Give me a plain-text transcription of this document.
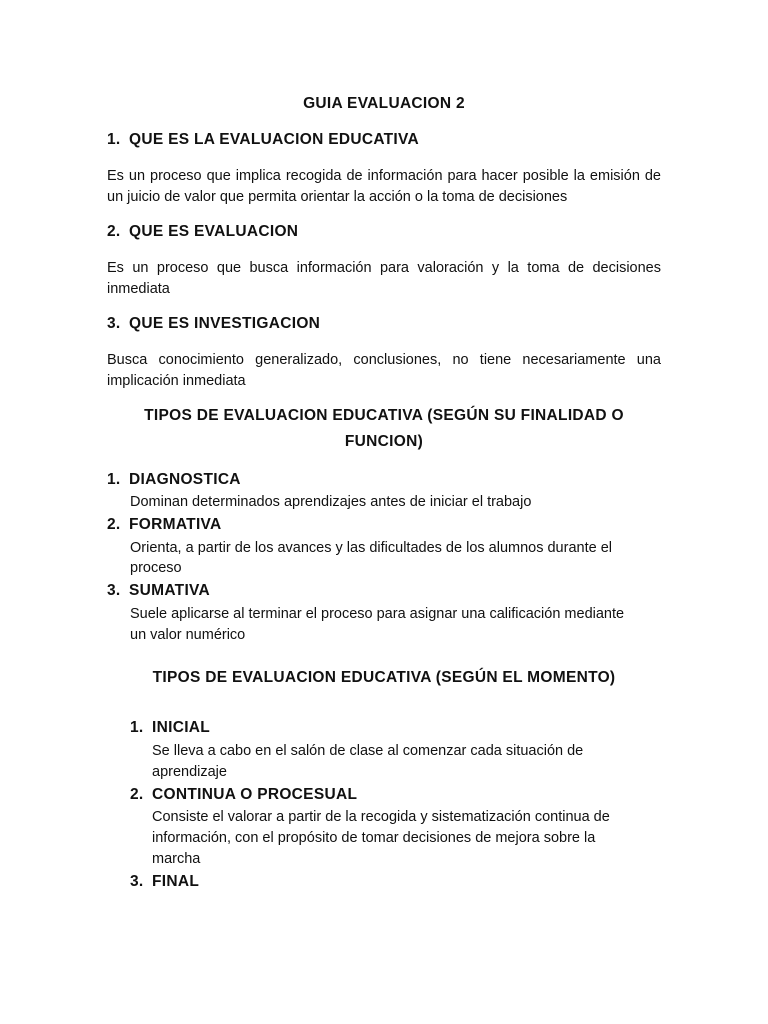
GUIA EVALUACION 2

1. QUE ES LA EVALUACION EDUCATIVA

Es un proceso que implica recogida de información para hacer posible la emisión de un juicio de valor que permita orientar la acción o la toma de decisiones

2. QUE ES EVALUACION

Es un proceso que busca información para valoración y la toma de decisiones inmediata

3. QUE ES INVESTIGACION

Busca conocimiento generalizado, conclusiones, no tiene necesariamente una implicación inmediata

TIPOS DE EVALUACION EDUCATIVA (SEGÚN SU FINALIDAD O

FUNCION)

1. DIAGNOSTICA

Dominan determinados aprendizajes antes de iniciar el trabajo

2. FORMATIVA

Orienta, a partir de los avances y las dificultades de los alumnos durante el

proceso

3. SUMATIVA

Suele aplicarse al terminar el proceso para asignar una calificación mediante

un valor numérico

TIPOS DE EVALUACION EDUCATIVA (SEGÚN EL MOMENTO)

1. INICIAL

Se lleva a cabo en el salón de clase al comenzar cada situación de

aprendizaje

2. CONTINUA O PROCESUAL

Consiste el valorar a partir de la recogida y sistematización continua de

información, con el propósito de tomar decisiones de mejora sobre la

marcha

3. FINAL
